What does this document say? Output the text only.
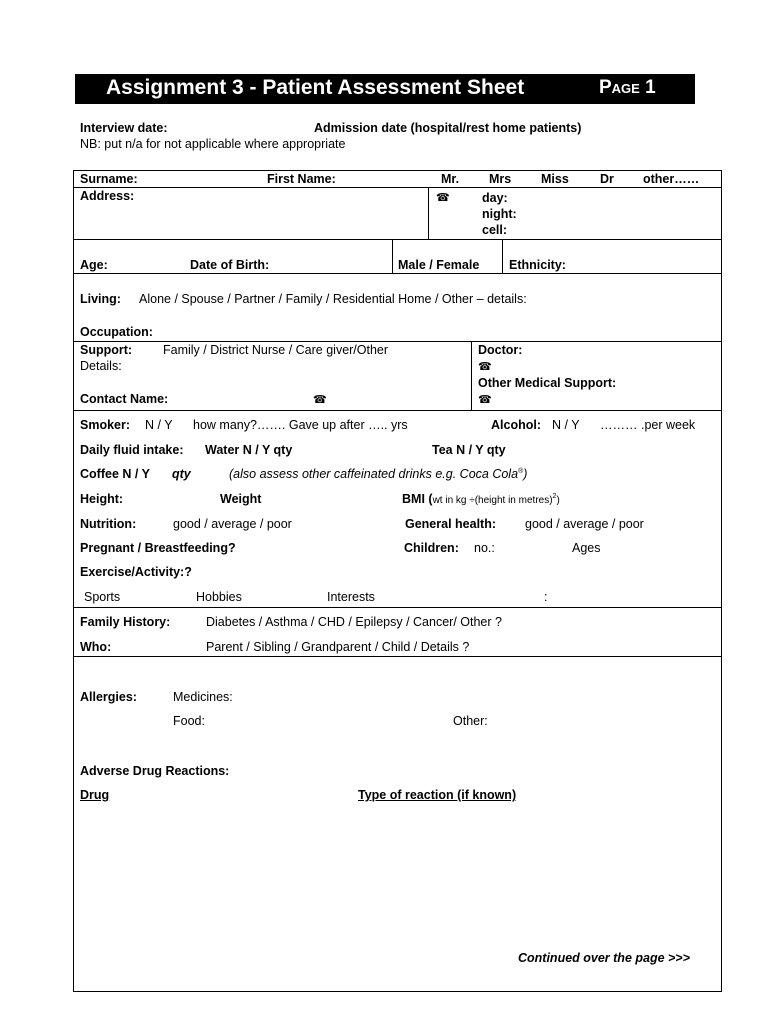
Assignment 3 - Patient Assessment Sheet	Page 1
Interview date:	Admission date (hospital/rest home patients)
NB: put n/a for not applicable where appropriate
Surname:	First Name:	Mr. Mrs Miss Dr other……
Address:	☎	day:
night:
cell:
Age:	Date of Birth:	Male / Female Ethnicity:
Living: Alone / Spouse / Partner / Family / Residential Home / Other – details:
Occupation:
Support: Family / District Nurse / Care giver/Other
Details:
Contact Name:	☎
Doctor:
☎
Other Medical Support:
☎
Smoker: N / Y how many?……. Gave up after ….. yrs	Alcohol: N / Y ……… .per week
Daily fluid intake: Water N / Y qty	Tea N / Y qty
Coffee N / Y qty	(also assess other caffeinated drinks e.g. Coca Cola®)
Height:	Weight	BMI (wt in kg ÷(height in metres)$^2$)
Nutrition:	good / average / poor	General health: good / average / poor
Pregnant / Breastfeeding?	Children: no.:	Ages
Exercise/Activity:?
Sports	Hobbies	Interests	:
Family History:	Diabetes / Asthma / CHD / Epilepsy / Cancer/ Other ?
Who:	Parent / Sibling / Grandparent / Child / Details ?
Allergies:	Medicines:
Food:	Other:
Adverse Drug Reactions:
Drug	Type of reaction (if known)
Continued over the page >>>
